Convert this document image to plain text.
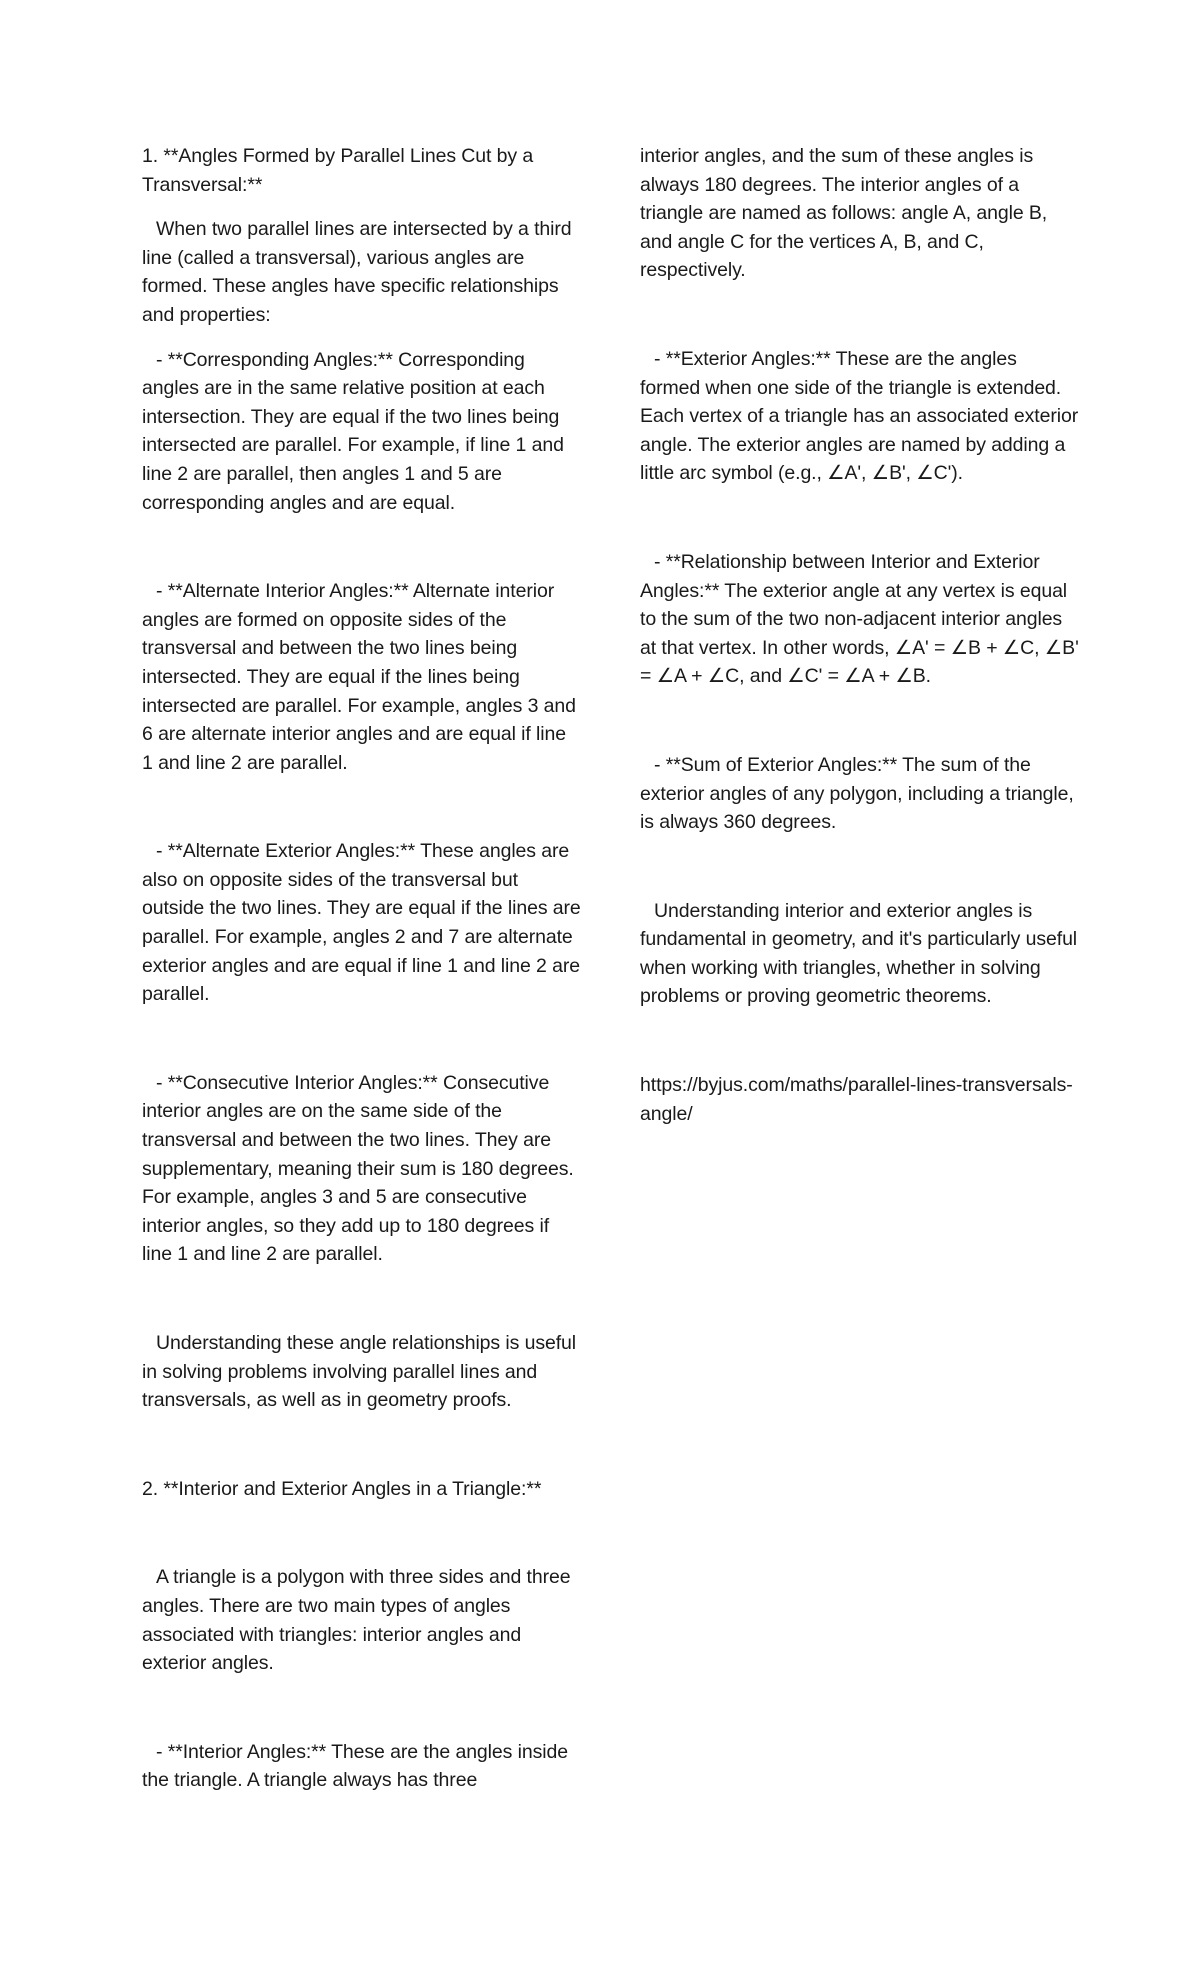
1. **Angles Formed by Parallel Lines Cut by a Transversal:**

When two parallel lines are intersected by a third line (called a transversal), various angles are formed. These angles have specific relationships and properties:

- **Corresponding Angles:** Corresponding angles are in the same relative position at each intersection. They are equal if the two lines being intersected are parallel. For example, if line 1 and line 2 are parallel, then angles 1 and 5 are corresponding angles and are equal.

- **Alternate Interior Angles:** Alternate interior angles are formed on opposite sides of the transversal and between the two lines being intersected. They are equal if the lines being intersected are parallel. For example, angles 3 and 6 are alternate interior angles and are equal if line 1 and line 2 are parallel.

- **Alternate Exterior Angles:** These angles are also on opposite sides of the transversal but outside the two lines. They are equal if the lines are parallel. For example, angles 2 and 7 are alternate exterior angles and are equal if line 1 and line 2 are parallel.

- **Consecutive Interior Angles:** Consecutive interior angles are on the same side of the transversal and between the two lines. They are supplementary, meaning their sum is 180 degrees. For example, angles 3 and 5 are consecutive interior angles, so they add up to 180 degrees if line 1 and line 2 are parallel.

Understanding these angle relationships is useful in solving problems involving parallel lines and transversals, as well as in geometry proofs.

2. **Interior and Exterior Angles in a Triangle:**

A triangle is a polygon with three sides and three angles. There are two main types of angles associated with triangles: interior angles and exterior angles.

- **Interior Angles:** These are the angles inside the triangle. A triangle always has three

interior angles, and the sum of these angles is always 180 degrees. The interior angles of a triangle are named as follows: angle A, angle B, and angle C for the vertices A, B, and C, respectively.

- **Exterior Angles:** These are the angles formed when one side of the triangle is extended. Each vertex of a triangle has an associated exterior angle. The exterior angles are named by adding a little arc symbol (e.g., ∠A', ∠B', ∠C').

- **Relationship between Interior and Exterior Angles:** The exterior angle at any vertex is equal to the sum of the two non-adjacent interior angles at that vertex. In other words, ∠A' = ∠B + ∠C, ∠B' = ∠A + ∠C, and ∠C' = ∠A + ∠B.

- **Sum of Exterior Angles:** The sum of the exterior angles of any polygon, including a triangle, is always 360 degrees.

Understanding interior and exterior angles is fundamental in geometry, and it's particularly useful when working with triangles, whether in solving problems or proving geometric theorems.

https://byjus.com/maths/parallel-lines-transversals-angle/
